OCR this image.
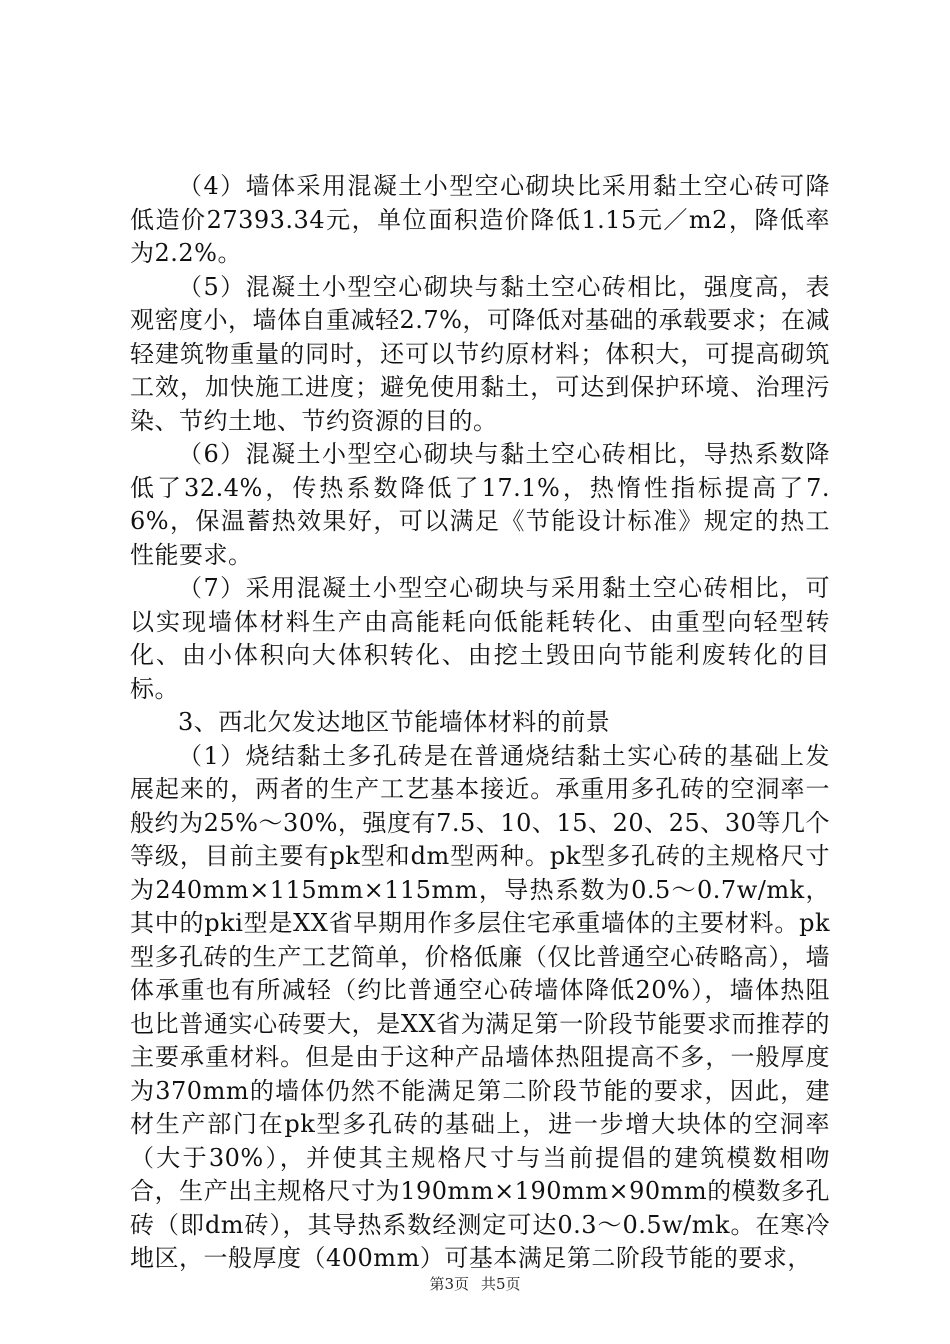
（4）墙体采用混凝土小型空心砌块比采用黏土空心砖可降低造价27393.34元，单位面积造价降低1.15元／m2，降低率为2.2%。

（5）混凝土小型空心砌块与黏土空心砖相比，强度高，表观密度小，墙体自重减轻2.7%，可降低对基础的承载要求；在减轻建筑物重量的同时，还可以节约原材料；体积大，可提高砌筑工效，加快施工进度；避免使用黏土，可达到保护环境、治理污染、节约土地、节约资源的目的。

（6）混凝土小型空心砌块与黏土空心砖相比，导热系数降低了32.4%，传热系数降低了17.1%，热惰性指标提高了7.6%，保温蓄热效果好，可以满足《节能设计标准》规定的热工性能要求。

（7）采用混凝土小型空心砌块与采用黏土空心砖相比，可以实现墙体材料生产由高能耗向低能耗转化、由重型向轻型转化、由小体积向大体积转化、由挖土毁田向节能利废转化的目标。

3、西北欠发达地区节能墙体材料的前景

（1）烧结黏土多孔砖是在普通烧结黏土实心砖的基础上发展起来的，两者的生产工艺基本接近。承重用多孔砖的空洞率一般约为25%～30%，强度有7.5、10、15、20、25、30等几个等级，目前主要有pk型和dm型两种。pk型多孔砖的主规格尺寸为240mm×115mm×115mm，导热系数为0.5～0.7w/mk，其中的pki型是XX省早期用作多层住宅承重墙体的主要材料。pk型多孔砖的生产工艺简单，价格低廉（仅比普通空心砖略高），墙体承重也有所减轻（约比普通空心砖墙体降低20%），墙体热阻也比普通实心砖要大，是XX省为满足第一阶段节能要求而推荐的主要承重材料。但是由于这种产品墙体热阻提高不多，一般厚度为370mm的墙体仍然不能满足第二阶段节能的要求，因此，建材生产部门在pk型多孔砖的基础上，进一步增大块体的空洞率（大于30%），并使其主规格尺寸与当前提倡的建筑模数相吻合，生产出主规格尺寸为190mm×190mm×90mm的模数多孔砖（即dm砖），其导热系数经测定可达0.3～0.5w/mk。在寒冷地区，一般厚度（400mm）可基本满足第二阶段节能的要求，

第3页 共5页
